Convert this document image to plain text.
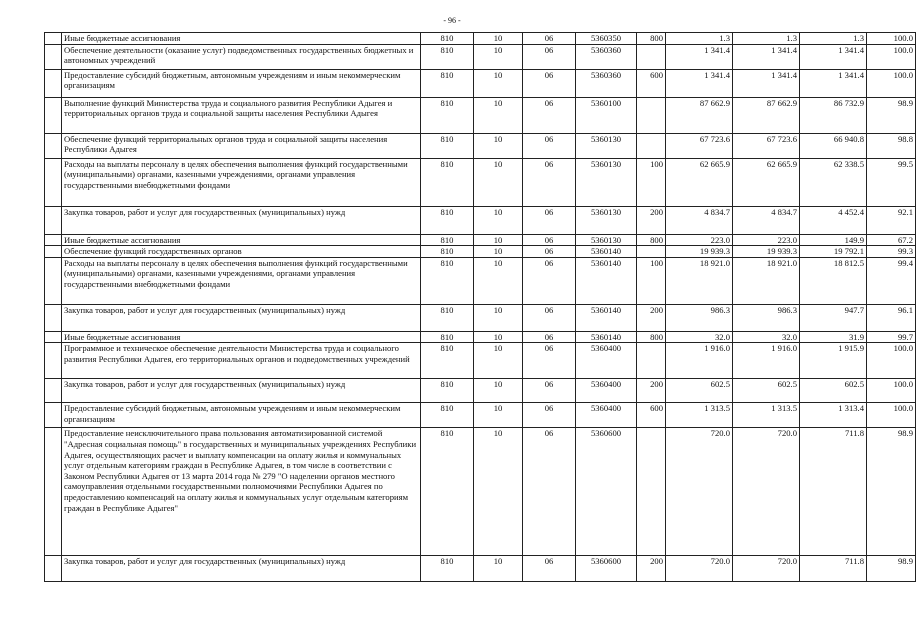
- 96 -
	Иные бюджетные ассигнования	810	10	06	5360350	800	1.3	1.3	1.3	100.0
	Обеспечение деятельности (оказание услуг) подведомственных государственных бюджетных и автономных учреждений	810	10	06	5360360		1 341.4	1 341.4	1 341.4	100.0
	Предоставление субсидий бюджетным, автономным учреждениям и иным некоммерческим организациям	810	10	06	5360360	600	1 341.4	1 341.4	1 341.4	100.0
	Выполнение функций Министерства труда и социального развития Республики Адыгея и территориальных органов труда и социальной защиты населения Республики Адыгея	810	10	06	5360100		87 662.9	87 662.9	86 732.9	98.9
	Обеспечение функций территориальных органов труда и социальной защиты населения Республики Адыгея	810	10	06	5360130		67 723.6	67 723.6	66 940.8	98.8
	Расходы на выплаты персоналу в целях обеспечения выполнения функций государственными (муниципальными) органами, казенными учреждениями, органами управления государственными внебюджетными фондами	810	10	06	5360130	100	62 665.9	62 665.9	62 338.5	99.5
	Закупка товаров, работ и услуг для государственных (муниципальных) нужд	810	10	06	5360130	200	4 834.7	4 834.7	4 452.4	92.1
	Иные бюджетные ассигнования	810	10	06	5360130	800	223.0	223.0	149.9	67.2
	Обеспечение функций государственных органов	810	10	06	5360140		19 939.3	19 939.3	19 792.1	99.3
	Расходы на выплаты персоналу в целях обеспечения выполнения функций государственными (муниципальными) органами, казенными учреждениями, органами управления государственными внебюджетными фондами	810	10	06	5360140	100	18 921.0	18 921.0	18 812.5	99.4
	Закупка товаров, работ и услуг для государственных (муниципальных) нужд	810	10	06	5360140	200	986.3	986.3	947.7	96.1
	Иные бюджетные ассигнования	810	10	06	5360140	800	32.0	32.0	31.9	99.7
	Программное и техническое обеспечение деятельности Министерства труда и социального развития Республики Адыгея, его территориальных органов и подведомственных учреждений	810	10	06	5360400		1 916.0	1 916.0	1 915.9	100.0
	Закупка товаров, работ и услуг для государственных (муниципальных) нужд	810	10	06	5360400	200	602.5	602.5	602.5	100.0
	Предоставление субсидий бюджетным, автономным учреждениям и иным некоммерческим организациям	810	10	06	5360400	600	1 313.5	1 313.5	1 313.4	100.0
	Предоставление неисключительного права пользования автоматизированной системой "Адресная социальная помощь" в государственных и муниципальных учреждениях Республики Адыгея, осуществляющих расчет и выплату компенсации на оплату жилья и коммунальных услуг отдельным категориям граждан в Республике Адыгея, в том числе в соответствии с Законом Республики Адыгея от 13 марта 2014 года № 279 "О наделении органов местного самоуправления отдельными государственными полномочиями Республики Адыгея по предоставлению компенсаций на оплату жилья и коммунальных услуг отдельным категориям граждан в Республике Адыгея"	810	10	06	5360600		720.0	720.0	711.8	98.9
	Закупка товаров, работ и услуг для государственных (муниципальных) нужд	810	10	06	5360600	200	720.0	720.0	711.8	98.9
